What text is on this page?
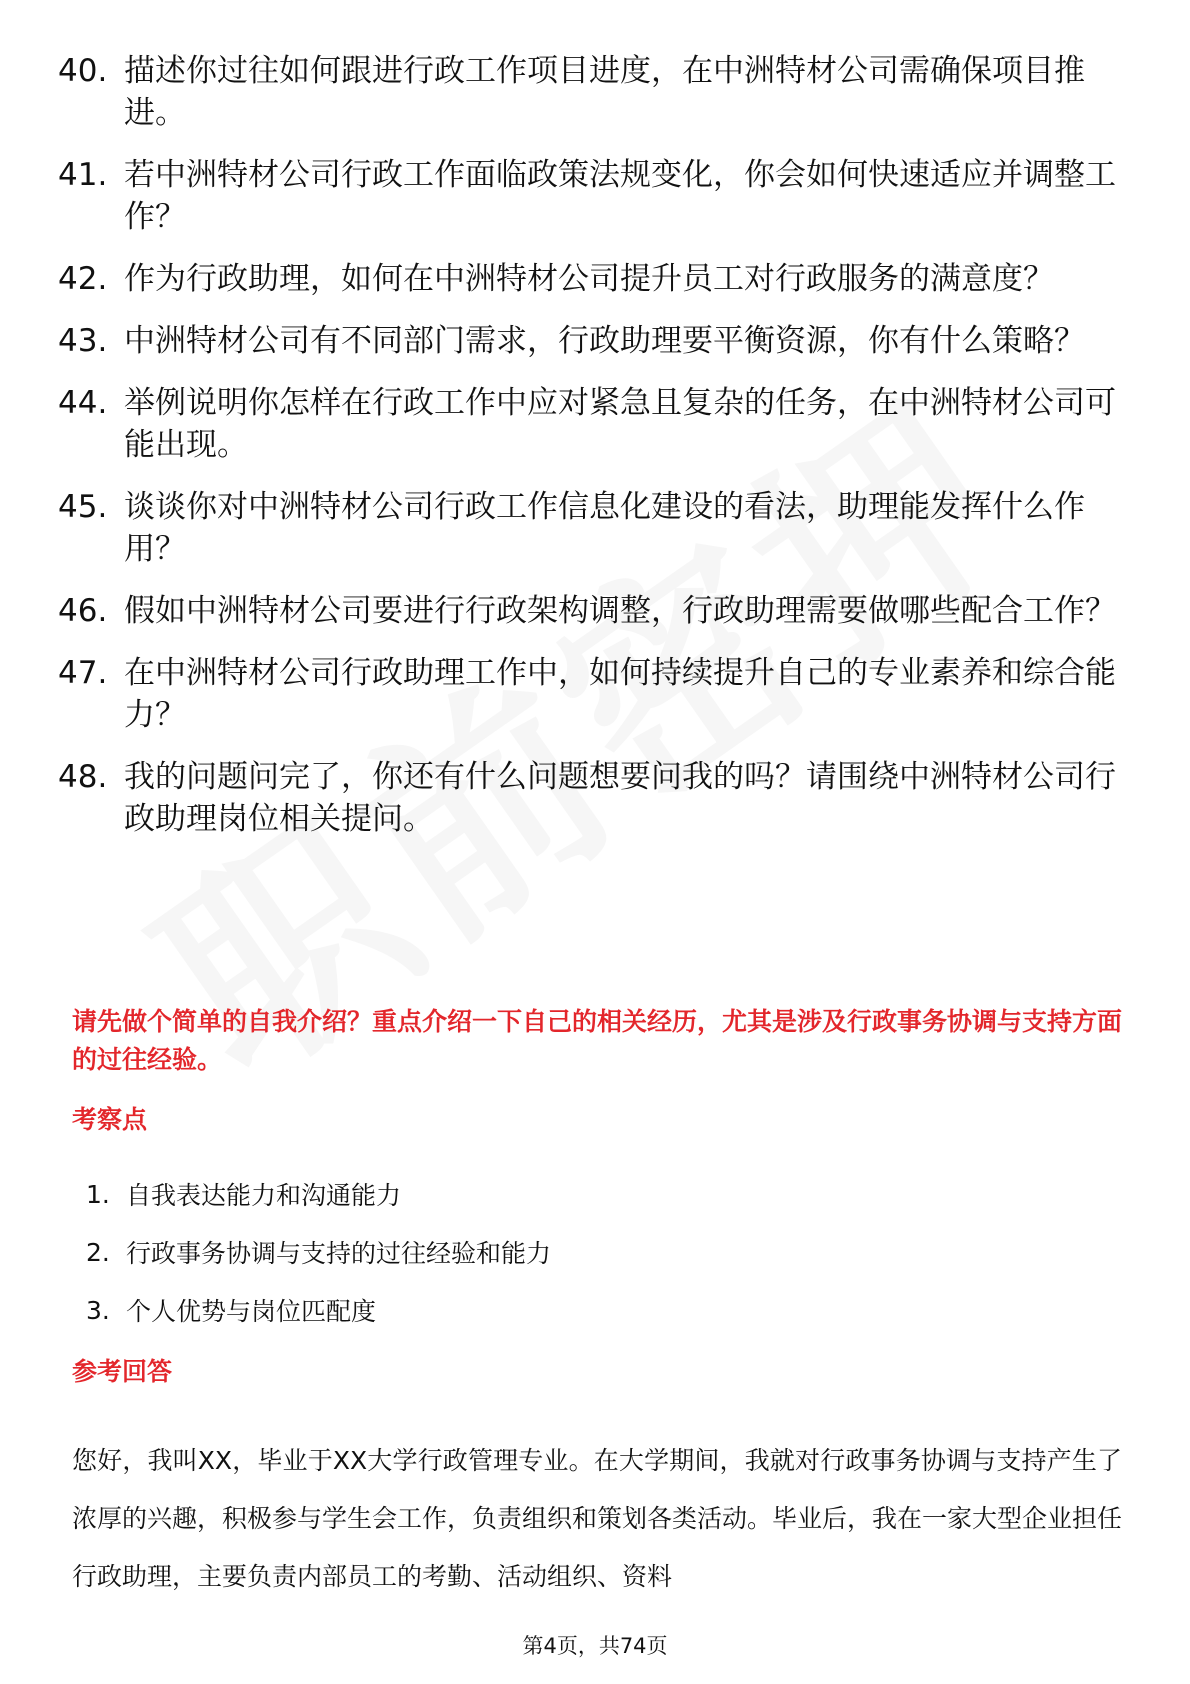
40. 描述你过往如何跟进行政工作项目进度，在中洲特材公司需确保项目推进。
41. 若中洲特材公司行政工作面临政策法规变化，你会如何快速适应并调整工作？
42. 作为行政助理，如何在中洲特材公司提升员工对行政服务的满意度？
43. 中洲特材公司有不同部门需求，行政助理要平衡资源，你有什么策略？
44. 举例说明你怎样在行政工作中应对紧急且复杂的任务，在中洲特材公司可能出现。
45. 谈谈你对中洲特材公司行政工作信息化建设的看法，助理能发挥什么作用？
46. 假如中洲特材公司要进行行政架构调整，行政助理需要做哪些配合工作？
47. 在中洲特材公司行政助理工作中，如何持续提升自己的专业素养和综合能力？
48. 我的问题问完了，你还有什么问题想要问我的吗？请围绕中洲特材公司行政助理岗位相关提问。

请先做个简单的自我介绍？重点介绍一下自己的相关经历，尤其是涉及行政事务协调与支持方面的过往经验。

考察点
1. 自我表达能力和沟通能力
2. 行政事务协调与支持的过往经验和能力
3. 个人优势与岗位匹配度
参考回答

您好，我叫XX，毕业于XX大学行政管理专业。在大学期间，我就对行政事务协调与支持产生了浓厚的兴趣，积极参与学生会工作，负责组织和策划各类活动。毕业后，我在一家大型企业担任行政助理，主要负责内部员工的考勤、活动组织、资料

第4页，共74页
